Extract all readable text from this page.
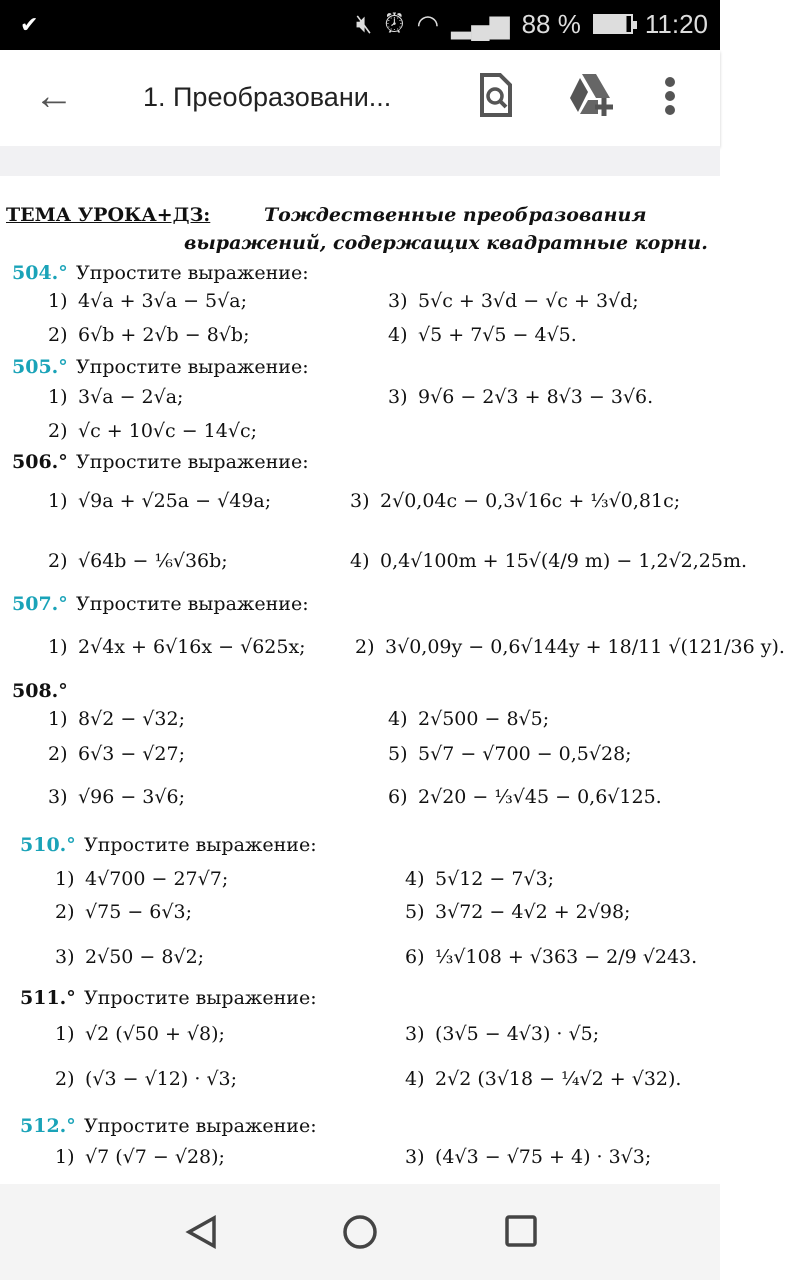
✔	🔇︎ ⏰︎ ◠ ▂▄▆ 88 % 11:20
←	1. Преобразовани...
ТЕМА УРОКА+ДЗ:	Тождественные преобразования
выражений, содержащих квадратные корни.
504.° Упростите выражение:
1) 4√a + 3√a − 5√a;	3) 5√c + 3√d − √c + 3√d;
2) 6√b + 2√b − 8√b;	4) √5 + 7√5 − 4√5.
505.° Упростите выражение:
1) 3√a − 2√a;	3) 9√6 − 2√3 + 8√3 − 3√6.
2) √c + 10√c − 14√c;
506.° Упростите выражение:
1) √9a + √25a − √49a;	3) 2√0,04c − 0,3√16c + ⅓√0,81c;
2) √64b − ⅙√36b;	4) 0,4√100m + 15√(4/9 m) − 1,2√2,25m.
507.° Упростите выражение:
1) 2√4x + 6√16x − √625x;	2) 3√0,09y − 0,6√144y + 18/11 √(121/36 y).
508.°
1) 8√2 − √32;	4) 2√500 − 8√5;
2) 6√3 − √27;	5) 5√7 − √700 − 0,5√28;
3) √96 − 3√6;	6) 2√20 − ⅓√45 − 0,6√125.
510.° Упростите выражение:
1) 4√700 − 27√7;	4) 5√12 − 7√3;
2) √75 − 6√3;	5) 3√72 − 4√2 + 2√98;
3) 2√50 − 8√2;	6) ⅓√108 + √363 − 2/9 √243.
511.° Упростите выражение:
1) √2 (√50 + √8);	3) (3√5 − 4√3) · √5;
2) (√3 − √12) · √3;	4) 2√2 (3√18 − ¼√2 + √32).
512.° Упростите выражение:
1) √7 (√7 − √28);	3) (4√3 − √75 + 4) · 3√3;
